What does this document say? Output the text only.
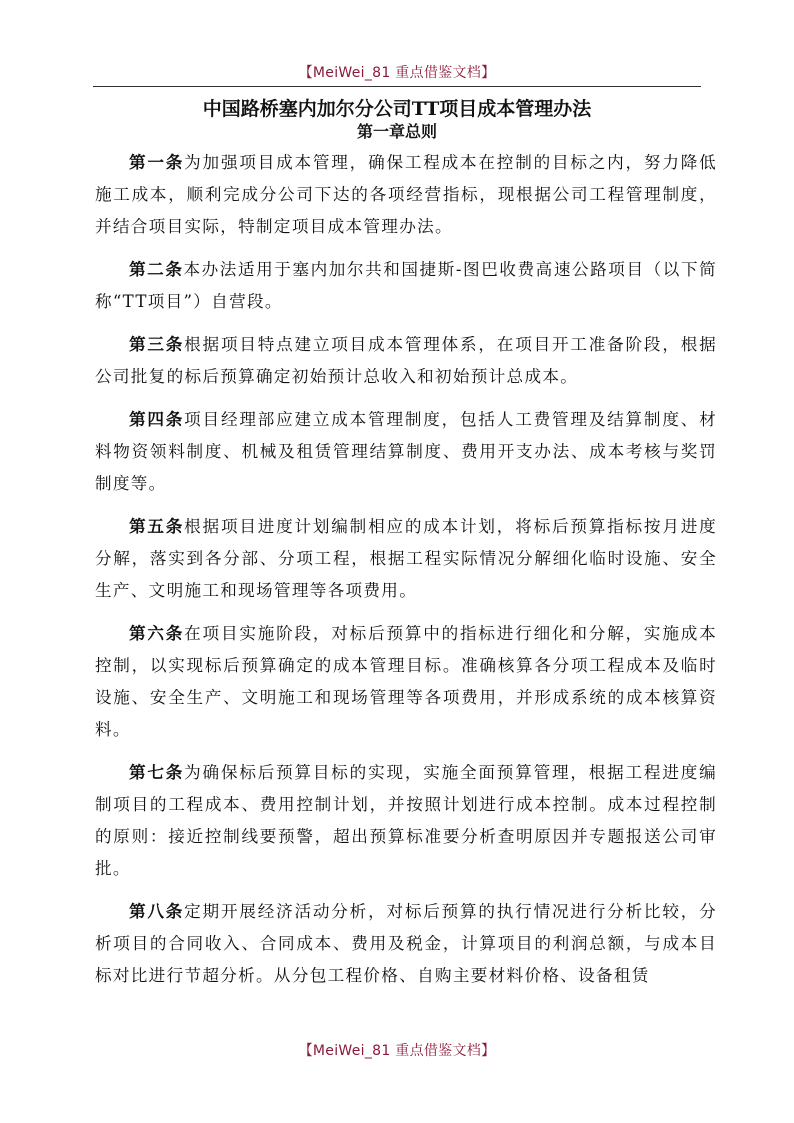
【MeiWei_81 重点借鉴文档】
中国路桥塞内加尔分公司TT项目成本管理办法
第一章总则

第一条为加强项目成本管理，确保工程成本在控制的目标之内，努力降低施工成本，顺利完成分公司下达的各项经营指标，现根据公司工程管理制度，并结合项目实际，特制定项目成本管理办法。

第二条本办法适用于塞内加尔共和国捷斯-图巴收费高速公路项目（以下简称“TT项目”）自营段。

第三条根据项目特点建立项目成本管理体系，在项目开工准备阶段，根据公司批复的标后预算确定初始预计总收入和初始预计总成本。

第四条项目经理部应建立成本管理制度，包括人工费管理及结算制度、材料物资领料制度、机械及租赁管理结算制度、费用开支办法、成本考核与奖罚制度等。

第五条根据项目进度计划编制相应的成本计划，将标后预算指标按月进度分解，落实到各分部、分项工程，根据工程实际情况分解细化临时设施、安全生产、文明施工和现场管理等各项费用。

第六条在项目实施阶段，对标后预算中的指标进行细化和分解，实施成本控制，以实现标后预算确定的成本管理目标。准确核算各分项工程成本及临时设施、安全生产、文明施工和现场管理等各项费用，并形成系统的成本核算资料。

第七条为确保标后预算目标的实现，实施全面预算管理，根据工程进度编制项目的工程成本、费用控制计划，并按照计划进行成本控制。成本过程控制的原则：接近控制线要预警，超出预算标准要分析查明原因并专题报送公司审批。

第八条定期开展经济活动分析，对标后预算的执行情况进行分析比较，分析项目的合同收入、合同成本、费用及税金，计算项目的利润总额，与成本目标对比进行节超分析。从分包工程价格、自购主要材料价格、设备租赁

【MeiWei_81 重点借鉴文档】
